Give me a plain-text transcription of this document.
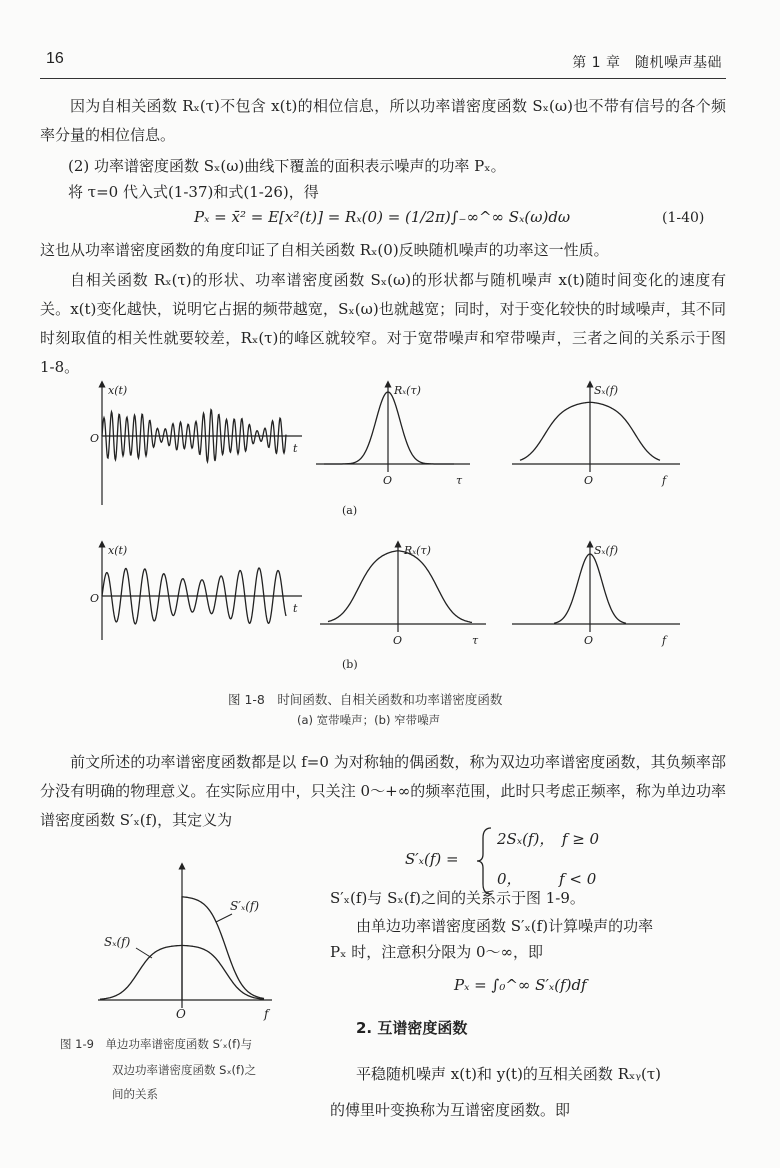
16	第 1 章　随机噪声基础
因为自相关函数 Rₓ(τ)不包含 x(t)的相位信息，所以功率谱密度函数 Sₓ(ω)也不带有信号的各个频率分量的相位信息。
(2) 功率谱密度函数 Sₓ(ω)曲线下覆盖的面积表示噪声的功率 Pₓ。
将 τ=0 代入式(1-37)和式(1-26)，得
Pₓ = x̄² = E[x²(t)] = Rₓ(0) = (1/2π)∫₋∞^∞ Sₓ(ω)dω	(1-40)
这也从功率谱密度函数的角度印证了自相关函数 Rₓ(0)反映随机噪声的功率这一性质。
自相关函数 Rₓ(τ)的形状、功率谱密度函数 Sₓ(ω)的形状都与随机噪声 x(t)随时间变化的速度有关。x(t)变化越快，说明它占据的频带越宽，Sₓ(ω)也就越宽；同时，对于变化较快的时域噪声，其不同时刻取值的相关性就要较差，Rₓ(τ)的峰区就较窄。对于宽带噪声和窄带噪声，三者之间的关系示于图 1-8。
x(t)
O
t
Rₓ(τ)
O	τ
Sₓ(f)
O	f
(a)
x(t)
O
t
Rₓ(τ)
O	τ
Sₓ(f)
O	f
(b)
图 1-8　时间函数、自相关函数和功率谱密度函数
(a) 宽带噪声；(b) 窄带噪声
前文所述的功率谱密度函数都是以 f=0 为对称轴的偶函数，称为双边功率谱密度函数，其负频率部分没有明确的物理意义。在实际应用中，只关注 0～+∞的频率范围，此时只考虑正频率，称为单边功率谱密度函数 S′ₓ(f)，其定义为
S′ₓ(f) =
2Sₓ(f)，　f ≥ 0
0，　　　f < 0
Sₓ(f)
S′ₓ(f)
O	f
S′ₓ(f)与 Sₓ(f)之间的关系示于图 1-9。
由单边功率谱密度函数 S′ₓ(f)计算噪声的功率
Pₓ 时，注意积分限为 0～∞，即
Pₓ = ∫₀^∞ S′ₓ(f)df
图 1-9　单边功率谱密度函数 S′ₓ(f)与
双边功率谱密度函数 Sₓ(f)之
间的关系
2. 互谱密度函数
平稳随机噪声 x(t)和 y(t)的互相关函数 Rₓᵧ(τ)
的傅里叶变换称为互谱密度函数。即
